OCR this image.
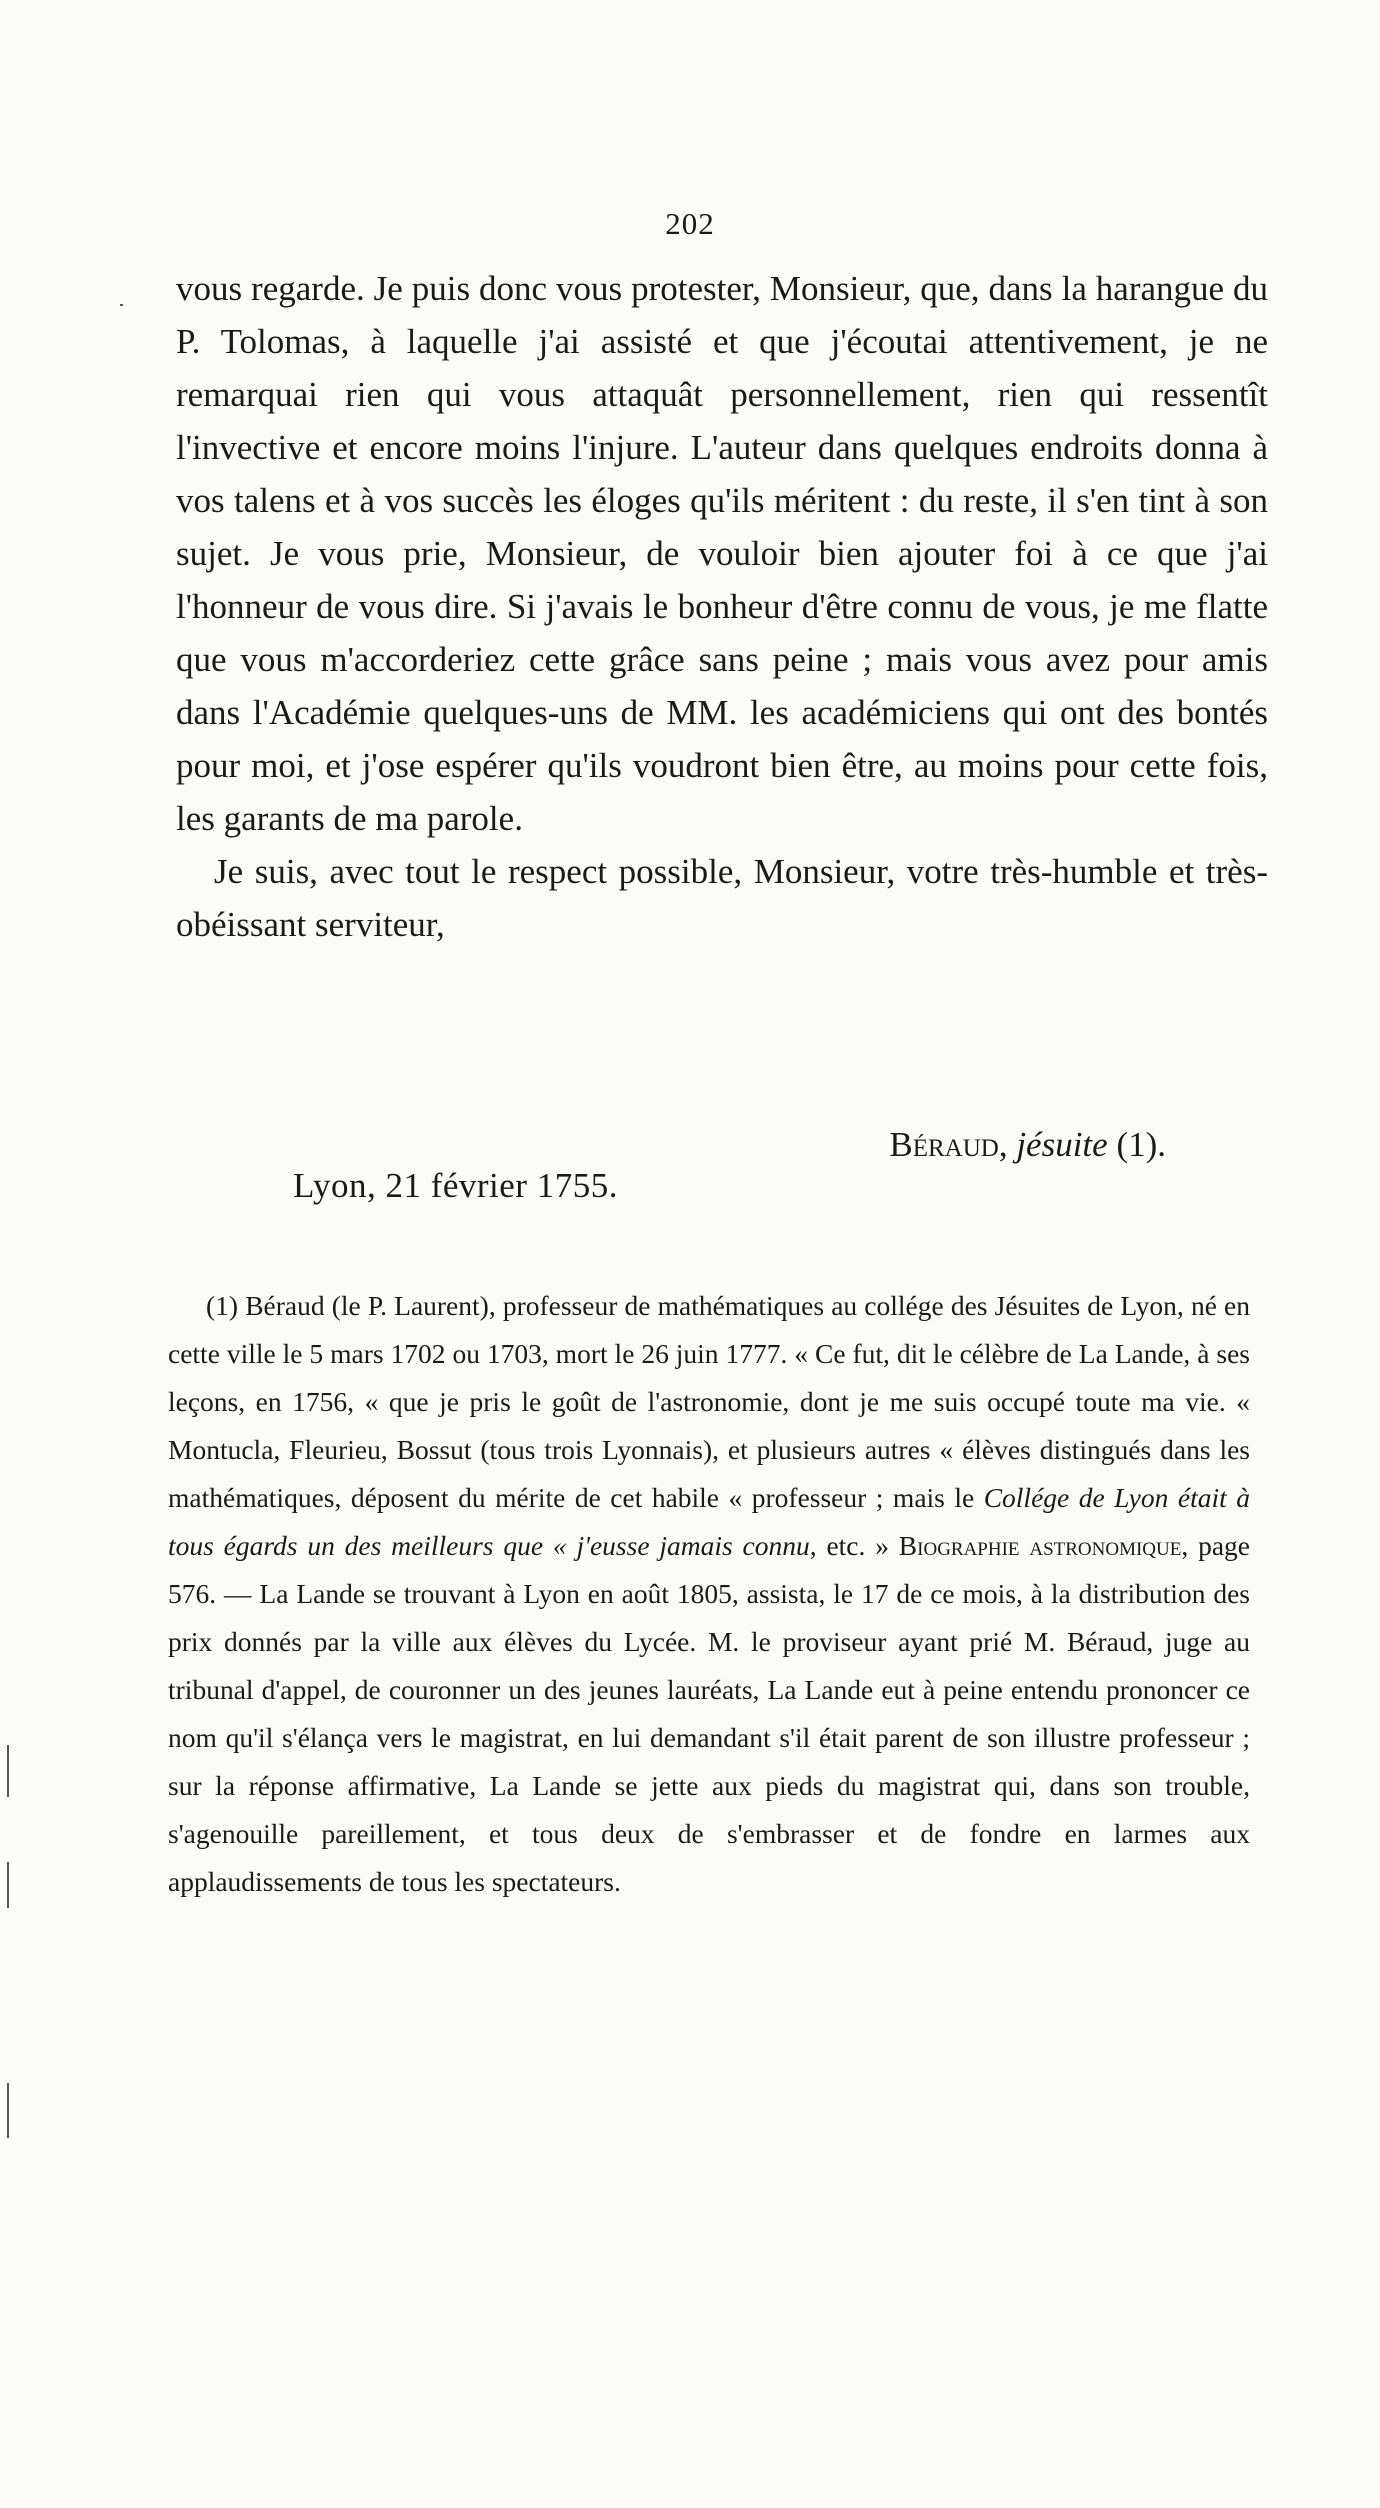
202

vous regarde. Je puis donc vous protester, Monsieur, que, dans la harangue du P. Tolomas, à laquelle j'ai assisté et que j'écoutai attentivement, je ne remarquai rien qui vous attaquât personnellement, rien qui ressentît l'invective et encore moins l'injure. L'auteur dans quelques endroits donna à vos talens et à vos succès les éloges qu'ils méritent : du reste, il s'en tint à son sujet. Je vous prie, Monsieur, de vouloir bien ajouter foi à ce que j'ai l'honneur de vous dire. Si j'avais le bonheur d'être connu de vous, je me flatte que vous m'accorderiez cette grâce sans peine ; mais vous avez pour amis dans l'Académie quelques-uns de MM. les académiciens qui ont des bontés pour moi, et j'ose espérer qu'ils voudront bien être, au moins pour cette fois, les garants de ma parole.

Je suis, avec tout le respect possible, Monsieur, votre très-humble et très-obéissant serviteur,

Béraud, jésuite (1).
Lyon, 21 février 1755.

(1) Béraud (le P. Laurent), professeur de mathématiques au collége des Jésuites de Lyon, né en cette ville le 5 mars 1702 ou 1703, mort le 26 juin 1777. « Ce fut, dit le célèbre de La Lande, à ses leçons, en 1756, « que je pris le goût de l'astronomie, dont je me suis occupé toute ma vie. « Montucla, Fleurieu, Bossut (tous trois Lyonnais), et plusieurs autres « élèves distingués dans les mathématiques, déposent du mérite de cet habile « professeur ; mais le Collége de Lyon était à tous égards un des meilleurs que « j'eusse jamais connu, etc. » Biographie astronomique, page 576. — La Lande se trouvant à Lyon en août 1805, assista, le 17 de ce mois, à la distribution des prix donnés par la ville aux élèves du Lycée. M. le proviseur ayant prié M. Béraud, juge au tribunal d'appel, de couronner un des jeunes lauréats, La Lande eut à peine entendu prononcer ce nom qu'il s'élança vers le magistrat, en lui demandant s'il était parent de son illustre professeur ; sur la réponse affirmative, La Lande se jette aux pieds du magistrat qui, dans son trouble, s'agenouille pareillement, et tous deux de s'embrasser et de fondre en larmes aux applaudissements de tous les spectateurs.
